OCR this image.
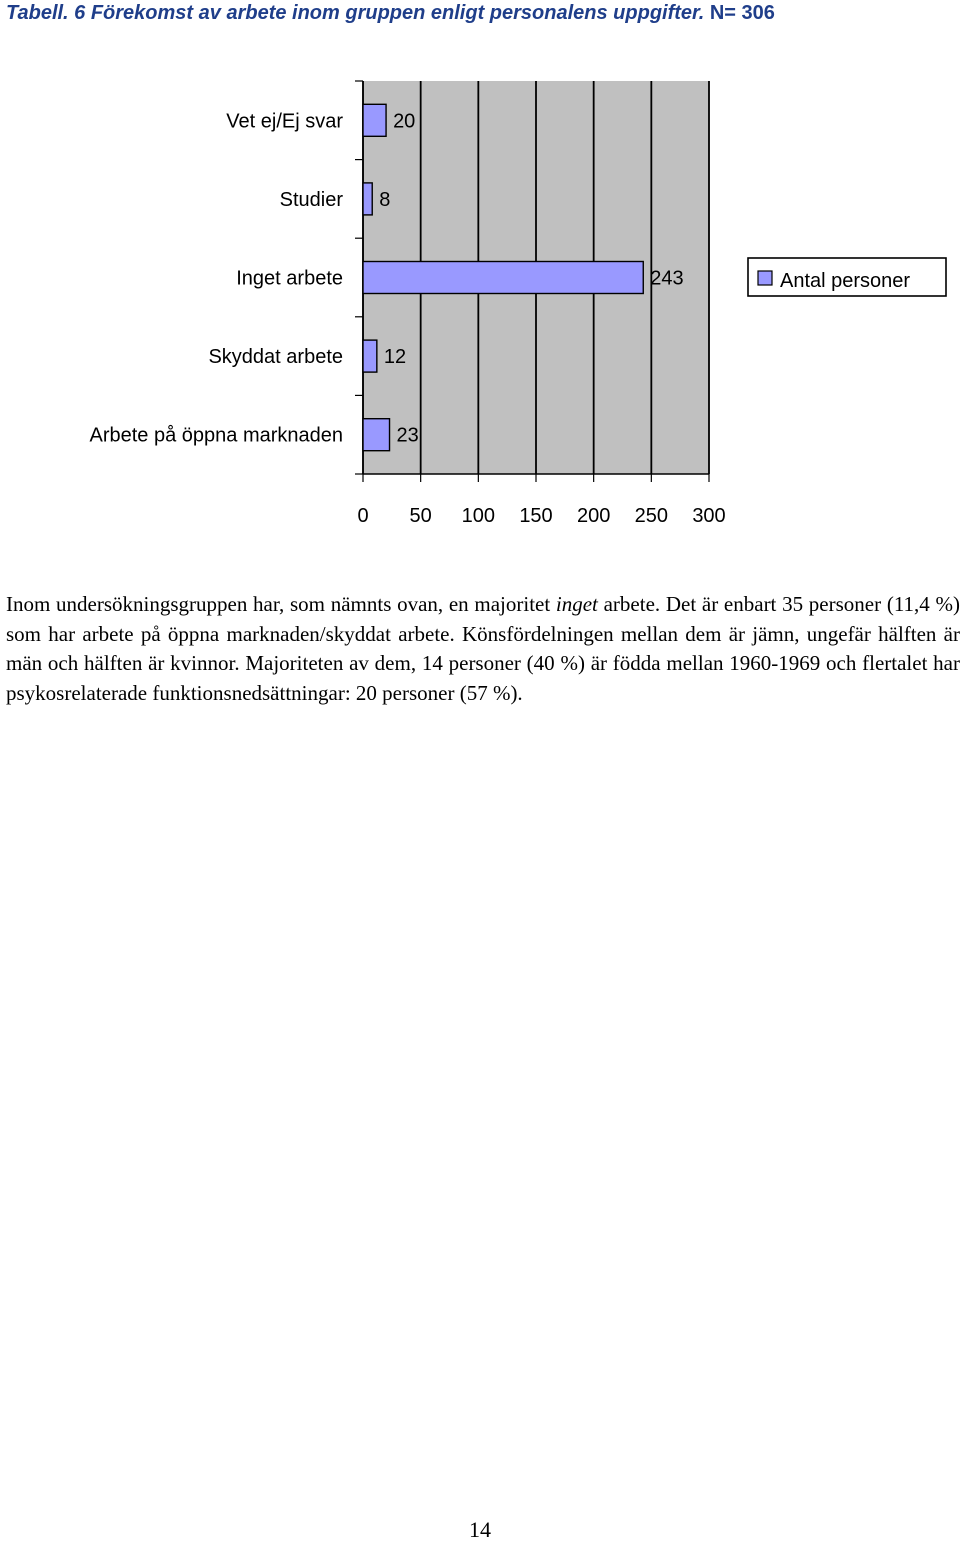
Tabell. 6 Förekomst av arbete inom gruppen enligt personalens uppgifter. N= 306

20
8
243
12
23
Vet ej/Ej svar
Studier
Inget arbete
Skyddat arbete
Arbete på öppna marknaden
0 50 100 150 200 250 300
Antal personer

Inom undersökningsgruppen har, som nämnts ovan, en majoritet inget arbete. Det är enbart 35 personer (11,4 %) som har arbete på öppna marknaden/skyddat arbete. Könsfördelningen mellan dem är jämn, ungefär hälften är män och hälften är kvinnor. Majoriteten av dem, 14 personer (40 %) är födda mellan 1960-1969 och flertalet har psykosrelaterade funktionsnedsättningar: 20 personer (57 %).

14
